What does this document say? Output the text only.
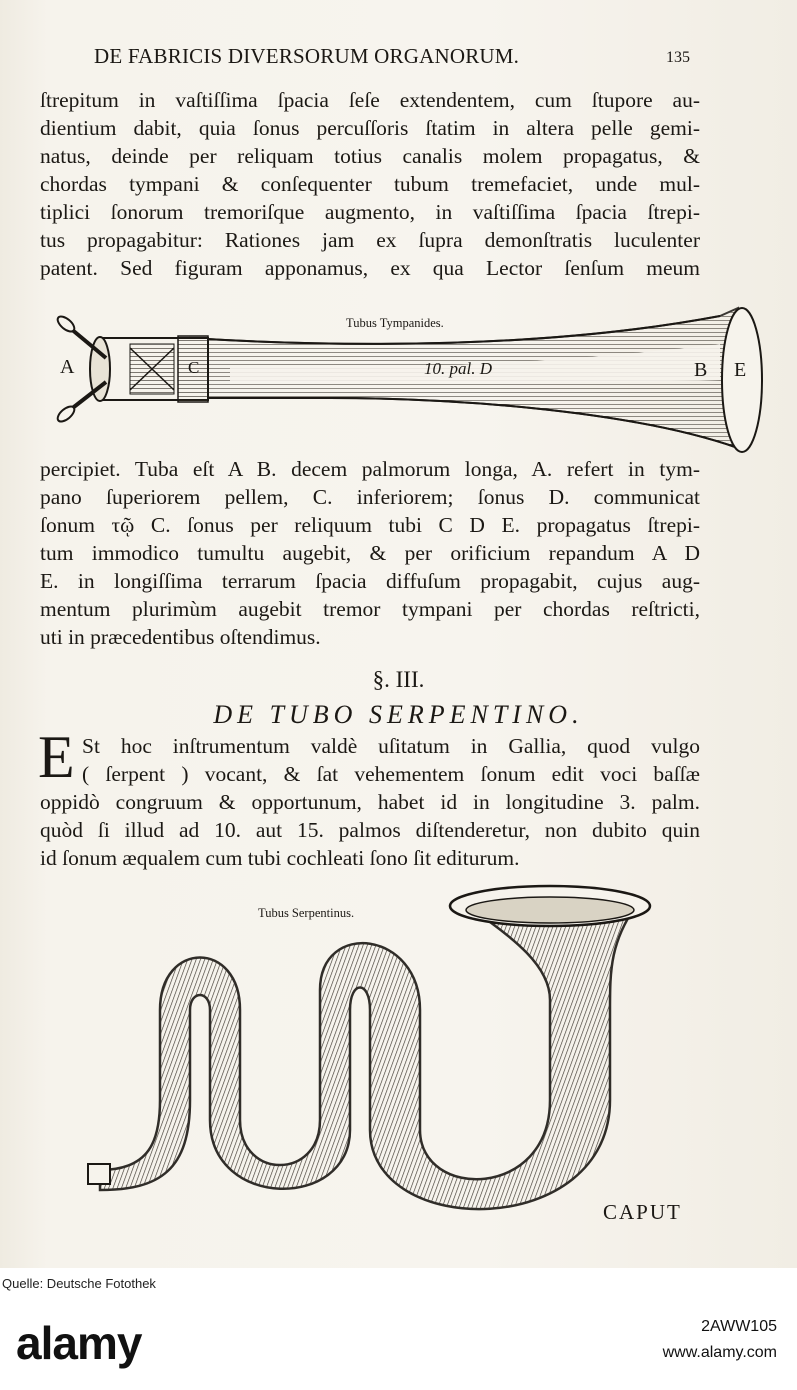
DE FABRICIS DIVERSORUM ORGANORUM.	135
ſtrepitum in vaſtiſſima ſpacia ſeſe extendentem, cum ſtupore au-
dientium dabit, quia ſonus percuſſoris ſtatim in altera pelle gemi-
natus, deinde per reliquam totius canalis molem propagatus, &
chordas tympani & conſequenter tubum tremefaciet, unde mul-
tiplici ſonorum tremoriſque augmento, in vaſtiſſima ſpacia ſtrepi-
tus propagabitur: Rationes jam ex ſupra demonſtratis luculenter
patent. Sed figuram apponamus, ex qua Lector ſenſum meum
Tubus Tympanides.
A	C	10. pal. D	B E
percipiet. Tuba eſt A B. decem palmorum longa, A. refert in tym-
pano ſuperiorem pellem, C. inferiorem; ſonus D. communicat
ſonum τῷ C. ſonus per reliquum tubi C D E. propagatus ſtrepi-
tum immodico tumultu augebit, & per orificium repandum A D
E. in longiſſima terrarum ſpacia diffuſum propagabit, cujus aug-
mentum plurimùm augebit tremor tympani per chordas reſtricti,
uti in præcedentibus oſtendimus.
§. III.
DE TUBO SERPENTINO.
E St hoc inſtrumentum valdè uſitatum in Gallia, quod vulgo
( ſerpent ) vocant, & ſat vehementem ſonum edit voci baſſæ
oppidò congruum & opportunum, habet id in longitudine 3. palm.
quòd ſi illud ad 10. aut 15. palmos diſtenderetur, non dubito quin
id ſonum æqualem cum tubi cochleati ſono ſit editurum.
Tubus Serpentinus.
CAPUT
Quelle: Deutsche Fotothek
alamy	2AWW105
www.alamy.com
